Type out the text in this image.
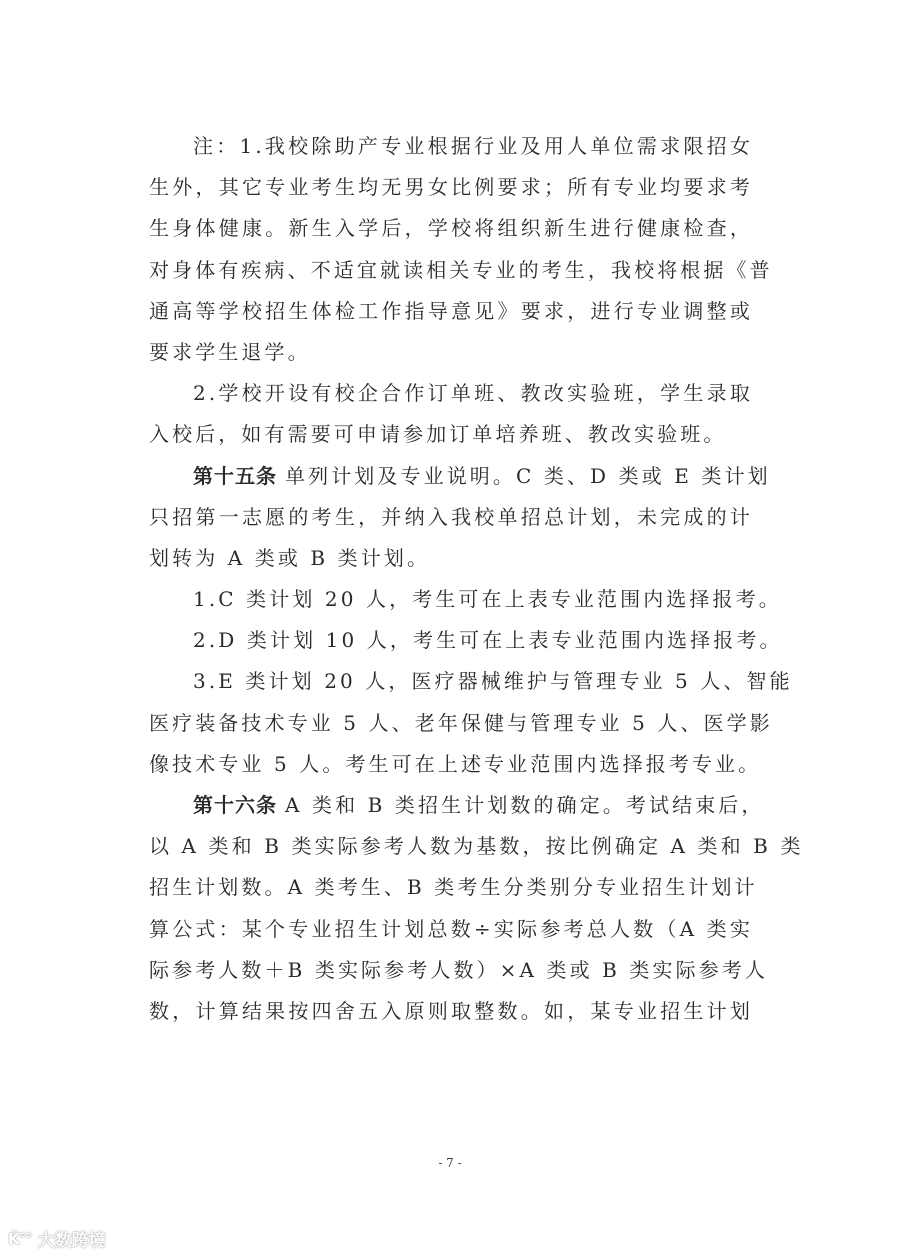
注：1.我校除助产专业根据行业及用人单位需求限招女
生外，其它专业考生均无男女比例要求；所有专业均要求考
生身体健康。新生入学后，学校将组织新生进行健康检查，
对身体有疾病、不适宜就读相关专业的考生，我校将根据《普
通高等学校招生体检工作指导意见》要求，进行专业调整或
要求学生退学。
2.学校开设有校企合作订单班、教改实验班，学生录取
入校后，如有需要可申请参加订单培养班、教改实验班。
第十五条 单列计划及专业说明。C 类、D 类或 E 类计划
只招第一志愿的考生，并纳入我校单招总计划，未完成的计
划转为 A 类或 B 类计划。
1.C 类计划 20 人，考生可在上表专业范围内选择报考。
2.D 类计划 10 人，考生可在上表专业范围内选择报考。
3.E 类计划 20 人，医疗器械维护与管理专业 5 人、智能
医疗装备技术专业 5 人、老年保健与管理专业 5 人、医学影
像技术专业 5 人。考生可在上述专业范围内选择报考专业。
第十六条 A 类和 B 类招生计划数的确定。考试结束后，
以 A 类和 B 类实际参考人数为基数，按比例确定 A 类和 B 类
招生计划数。A 类考生、B 类考生分类别分专业招生计划计
算公式：某个专业招生计划总数÷实际参考总人数（A 类实
际参考人数＋B 类实际参考人数）×A 类或 B 类实际参考人
数，计算结果按四舍五入原则取整数。如，某专业招生计划
- 7 -
K̈°° 大数跨境
